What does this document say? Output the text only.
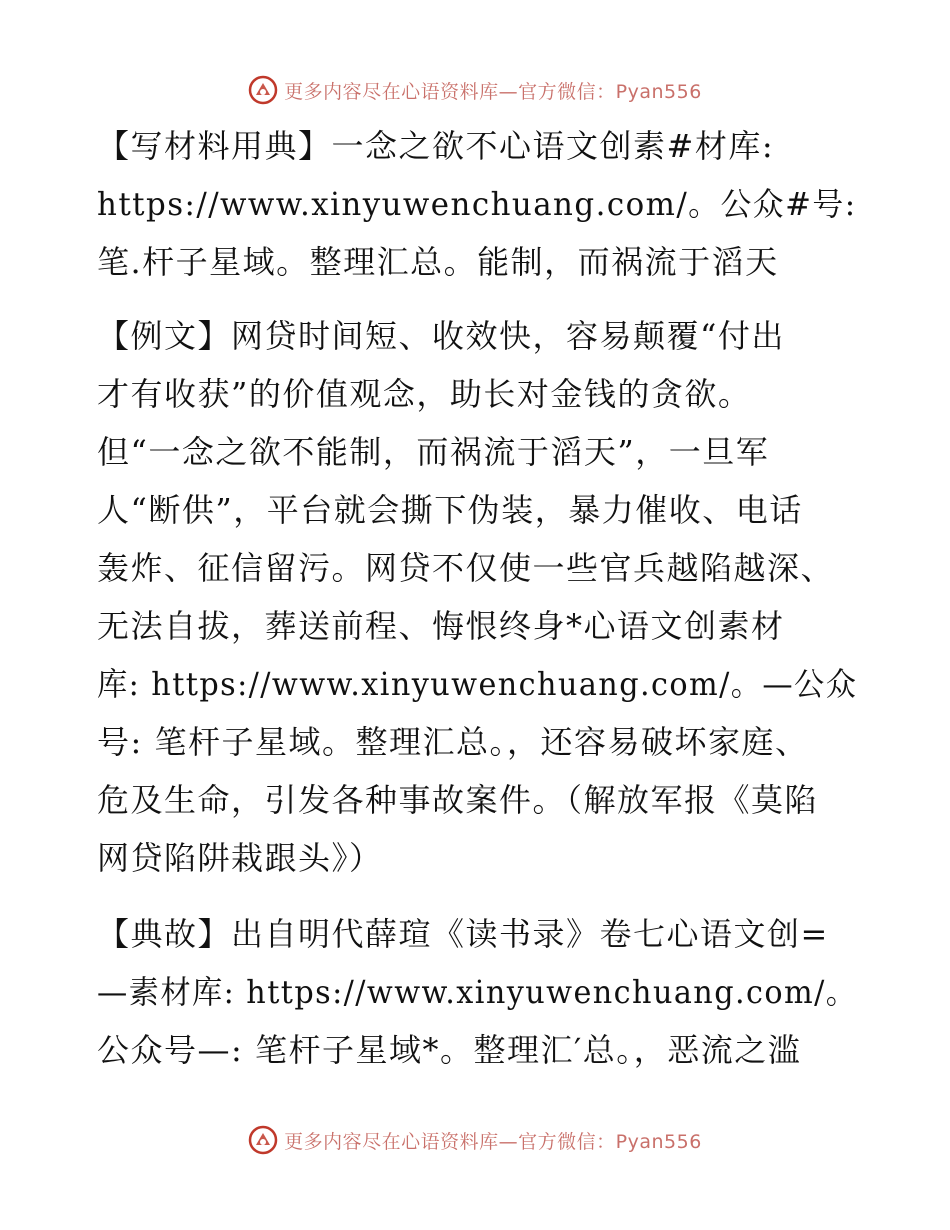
更多内容尽在心语资料库—官方微信：Pyan556
【写材料用典】一念之欲不心语文创素#材库:
https://www.xinyuwenchuang.com/。公众#号:
笔.杆子星域。整理汇总。能制，而祸流于滔天
【例文】网贷时间短、收效快，容易颠覆“付出
才有收获”的价值观念，助长对金钱的贪欲。
但“一念之欲不能制，而祸流于滔天”，一旦军
人“断供”，平台就会撕下伪装，暴力催收、电话
轰炸、征信留污。网贷不仅使一些官兵越陷越深、
无法自拔，葬送前程、悔恨终身*心语文创素材
库: https://www.xinyuwenchuang.com/。—公众
号: 笔杆子星域。整理汇总。，还容易破坏家庭、
危及生命，引发各种事故案件。（解放军报《莫陷
网贷陷阱栽跟头》）
【典故】出自明代薛瑄《读书录》卷七心语文创=
—素材库: https://www.xinyuwenchuang.com/。
公众号—: 笔杆子星域*。整理汇′总。，恶流之滥
更多内容尽在心语资料库—官方微信：Pyan556
